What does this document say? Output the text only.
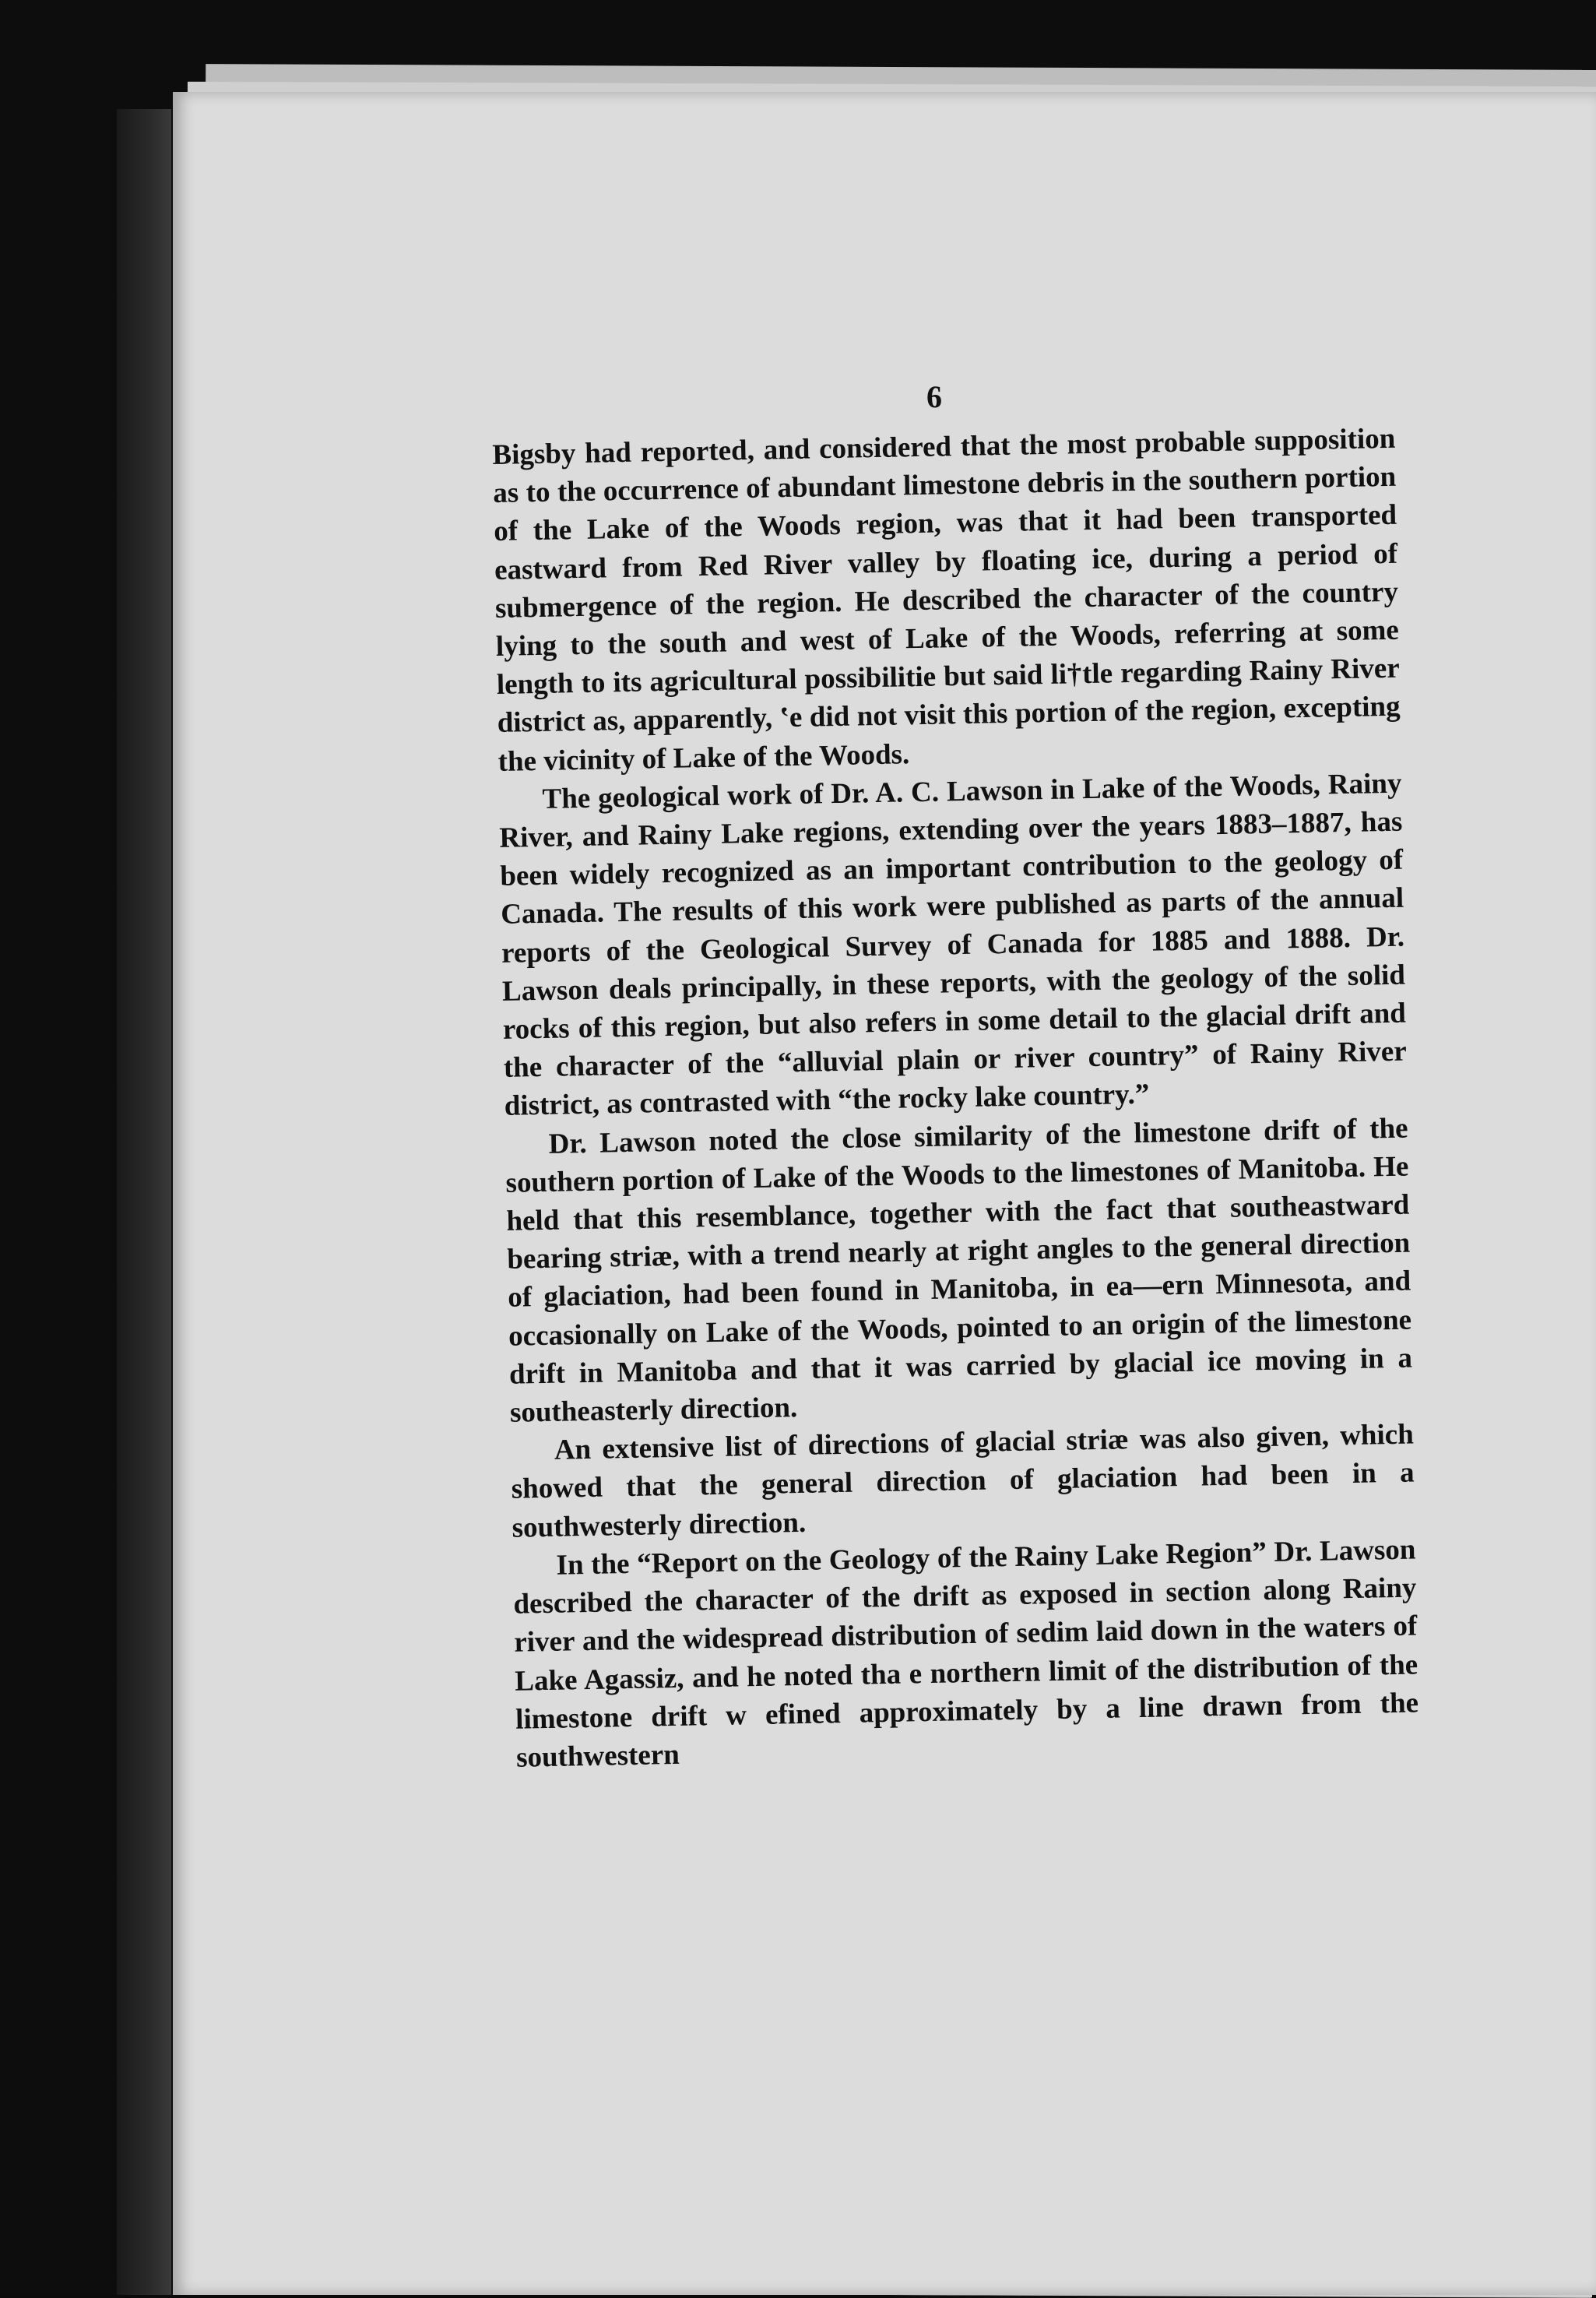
6

Bigsby had reported, and considered that the most probable supposition as to the occurrence of abundant limestone debris in the southern portion of the Lake of the Woods region, was that it had been transported eastward from Red River valley by floating ice, during a period of submergence of the region. He described the character of the country lying to the south and west of Lake of the Woods, referring at some length to its agricultural possibilitie but said li†tle regarding Rainy River district as, apparently, ʽe did not visit this portion of the region, excepting the vicinity of Lake of the Woods.

The geological work of Dr. A. C. Lawson in Lake of the Woods, Rainy River, and Rainy Lake regions, extending over the years 1883–1887, has been widely recognized as an important contribution to the geology of Canada. The results of this work were published as parts of the annual reports of the Geological Survey of Canada for 1885 and 1888. Dr. Lawson deals principally, in these reports, with the geology of the solid rocks of this region, but also refers in some detail to the glacial drift and the character of the “alluvial plain or river country” of Rainy River district, as contrasted with “the rocky lake country.”

Dr. Lawson noted the close similarity of the limestone drift of the southern portion of Lake of the Woods to the limestones of Manitoba. He held that this resemblance, together with the fact that southeastward bearing striæ, with a trend nearly at right angles to the general direction of glaciation, had been found in Manitoba, in ea—ern Minnesota, and occasionally on Lake of the Woods, pointed to an origin of the limestone drift in Manitoba and that it was carried by glacial ice moving in a southeasterly direction.

An extensive list of directions of glacial striæ was also given, which showed that the general direction of glaciation had been in a southwesterly direction.

In the “Report on the Geology of the Rainy Lake Region” Dr. Lawson described the character of the drift as exposed in section along Rainy river and the widespread distribution of sedim laid down in the waters of Lake Agassiz, and he noted tha e northern limit of the distribution of the limestone drift w efined approximately by a line drawn from the southwestern
